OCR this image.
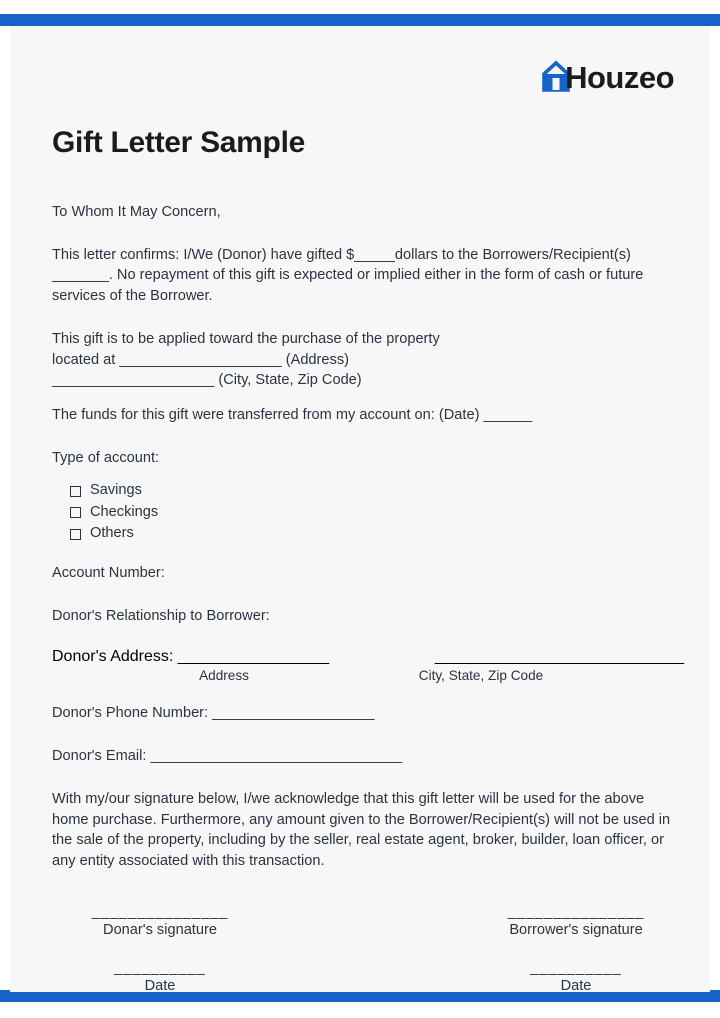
Houzeo
Gift Letter Sample

To Whom It May Concern,

This letter confirms: I/We (Donor) have gifted $_____dollars to the Borrowers/Recipient(s) _______. No repayment of this gift is expected or implied either in the form of cash or future services of the Borrower.

This gift is to be applied toward the purchase of the property
located at ____________________ (Address)
____________________ (City, State, Zip Code)

The funds for this gift were transferred from my account on: (Date) ______

Type of account:

Savings
Checkings
Others

Account Number:

Donor's Relationship to Borrower:

Donor's Address: _________________	____________________________
Address	City, State, Zip Code

Donor's Phone Number: ____________________

Donor's Email: _______________________________

With my/our signature below, I/we acknowledge that this gift letter will be used for the above home purchase. Furthermore, any amount given to the Borrower/Recipient(s) will not be used in the sale of the property, including by the seller, real estate agent, broker, builder, loan officer, or any entity associated with this transaction.

_______________
Donar's signature
__________
Date
_______________
Borrower's signature
__________
Date
